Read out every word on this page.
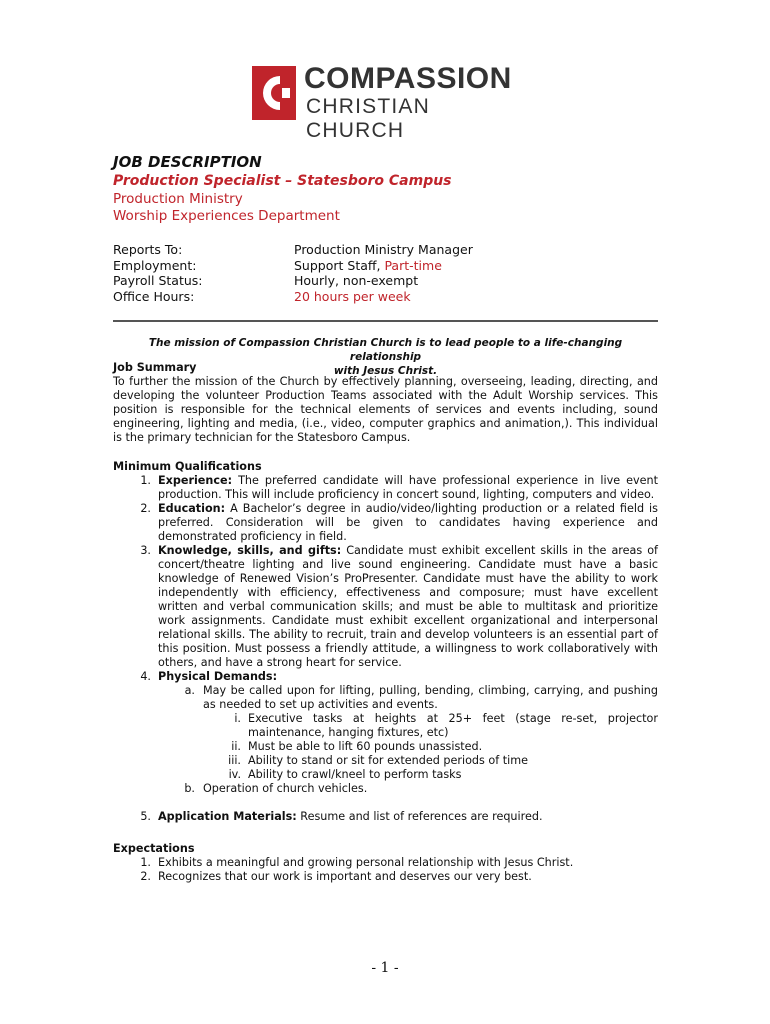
COMPASSION
CHRISTIAN CHURCH
JOB DESCRIPTION
Production Specialist – Statesboro Campus
Production Ministry
Worship Experiences Department
Reports To:	Production Ministry Manager
Employment:	Support Staff, Part-time
Payroll Status:	Hourly, non-exempt
Office Hours:	20 hours per week
The mission of Compassion Christian Church is to lead people to a life-changing relationship
with Jesus Christ.
Job Summary

To further the mission of the Church by effectively planning, overseeing, leading, directing, and developing the volunteer Production Teams associated with the Adult Worship services. This position is responsible for the technical elements of services and events including, sound engineering, lighting and media, (i.e., video, computer graphics and animation,). This individual is the primary technician for the Statesboro Campus.

Minimum Qualifications
1. Experience: The preferred candidate will have professional experience in live event production. This will include proficiency in concert sound, lighting, computers and video.
2. Education: A Bachelor’s degree in audio/video/lighting production or a related field is preferred. Consideration will be given to candidates having experience and demonstrated proficiency in field.
3. Knowledge, skills, and gifts: Candidate must exhibit excellent skills in the areas of concert/theatre lighting and live sound engineering. Candidate must have a basic knowledge of Renewed Vision’s ProPresenter. Candidate must have the ability to work independently with efficiency, effectiveness and composure; must have excellent written and verbal communication skills; and must be able to multitask and prioritize work assignments. Candidate must exhibit excellent organizational and interpersonal relational skills. The ability to recruit, train and develop volunteers is an essential part of this position. Must possess a friendly attitude, a willingness to work collaboratively with others, and have a strong heart for service.
4. Physical Demands:
a. May be called upon for lifting, pulling, bending, climbing, carrying, and pushing as needed to set up activities and events.
i. Executive tasks at heights at 25+ feet (stage re-set, projector maintenance, hanging fixtures, etc)
ii. Must be able to lift 60 pounds unassisted.
iii. Ability to stand or sit for extended periods of time
iv. Ability to crawl/kneel to perform tasks
b. Operation of church vehicles.
5. Application Materials: Resume and list of references are required.
Expectations
1. Exhibits a meaningful and growing personal relationship with Jesus Christ.
2. Recognizes that our work is important and deserves our very best.
- 1 -
